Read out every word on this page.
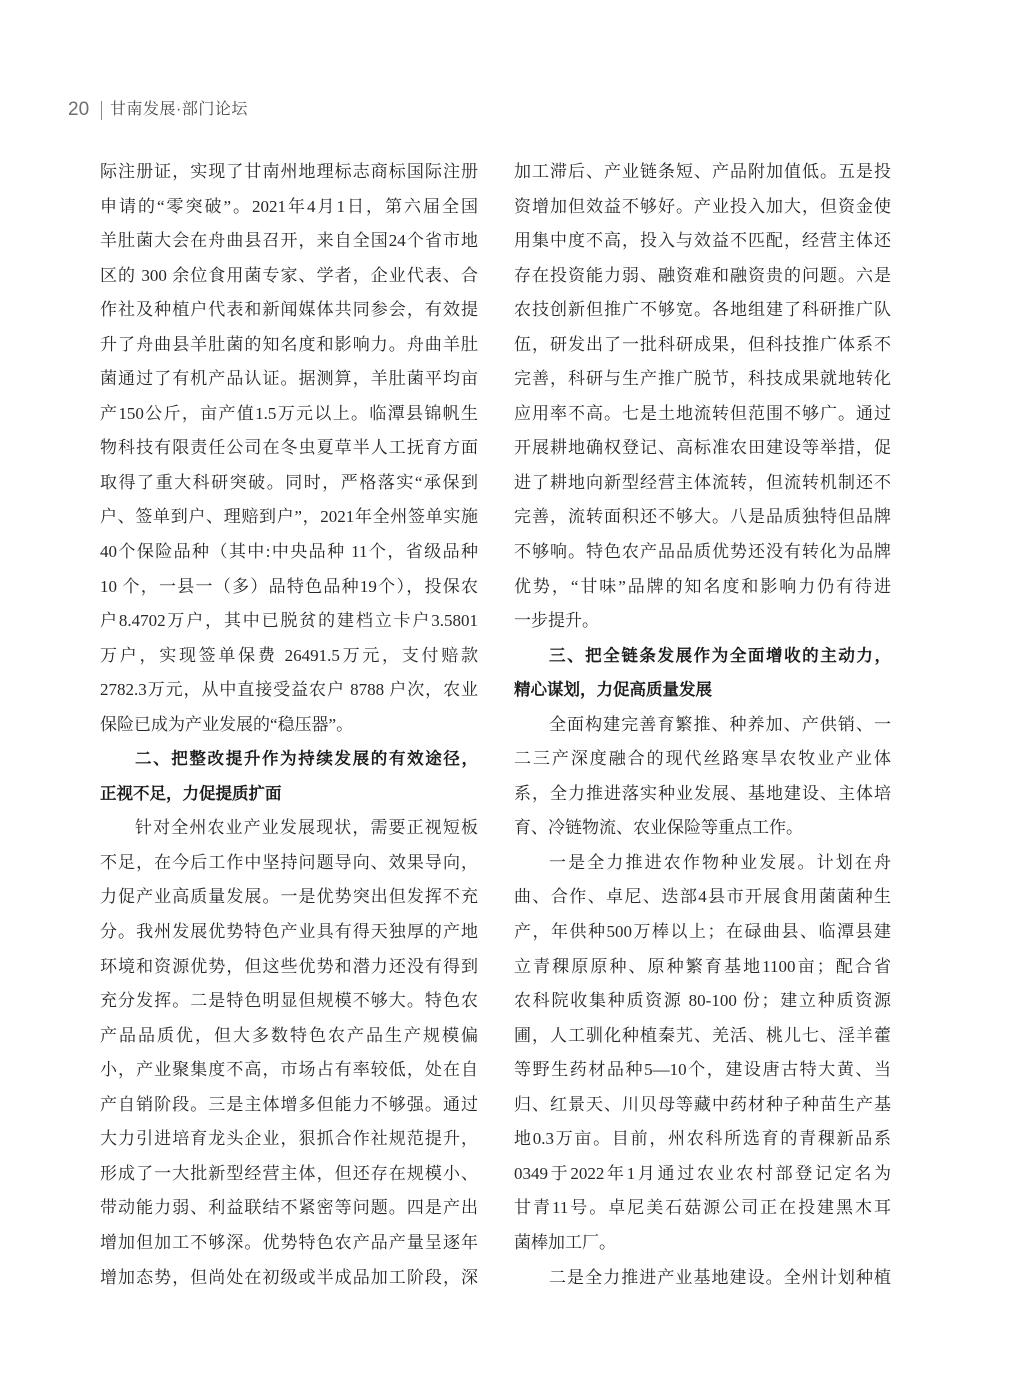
20 甘南发展·部门论坛
际注册证，实现了甘南州地理标志商标国际注册
申请的“零突破”。2021年4月1日，第六届全国
羊肚菌大会在舟曲县召开，来自全国24个省市地
区的 300 余位食用菌专家、学者，企业代表、合
作社及种植户代表和新闻媒体共同参会，有效提
升了舟曲县羊肚菌的知名度和影响力。舟曲羊肚
菌通过了有机产品认证。据测算，羊肚菌平均亩
产150公斤，亩产值1.5万元以上。临潭县锦帆生
物科技有限责任公司在冬虫夏草半人工抚育方面
取得了重大科研突破。同时，严格落实“承保到
户、签单到户、理赔到户”，2021年全州签单实施
40个保险品种（其中:中央品种 11个，省级品种
10 个，一县一（多）品特色品种19个），投保农
户8.4702万户，其中已脱贫的建档立卡户3.5801
万户，实现签单保费 26491.5万元，支付赔款
2782.3万元，从中直接受益农户 8788 户次，农业
保险已成为产业发展的“稳压器”。
二、把整改提升作为持续发展的有效途径，
正视不足，力促提质扩面
针对全州农业产业发展现状，需要正视短板
不足，在今后工作中坚持问题导向、效果导向，
力促产业高质量发展。一是优势突出但发挥不充
分。我州发展优势特色产业具有得天独厚的产地
环境和资源优势，但这些优势和潜力还没有得到
充分发挥。二是特色明显但规模不够大。特色农
产品品质优，但大多数特色农产品生产规模偏
小，产业聚集度不高，市场占有率较低，处在自
产自销阶段。三是主体增多但能力不够强。通过
大力引进培育龙头企业，狠抓合作社规范提升，
形成了一大批新型经营主体，但还存在规模小、
带动能力弱、利益联结不紧密等问题。四是产出
增加但加工不够深。优势特色农产品产量呈逐年
增加态势，但尚处在初级或半成品加工阶段，深
加工滞后、产业链条短、产品附加值低。五是投
资增加但效益不够好。产业投入加大，但资金使
用集中度不高，投入与效益不匹配，经营主体还
存在投资能力弱、融资难和融资贵的问题。六是
农技创新但推广不够宽。各地组建了科研推广队
伍，研发出了一批科研成果，但科技推广体系不
完善，科研与生产推广脱节，科技成果就地转化
应用率不高。七是土地流转但范围不够广。通过
开展耕地确权登记、高标准农田建设等举措，促
进了耕地向新型经营主体流转，但流转机制还不
完善，流转面积还不够大。八是品质独特但品牌
不够响。特色农产品品质优势还没有转化为品牌
优势，“甘味”品牌的知名度和影响力仍有待进
一步提升。
三、把全链条发展作为全面增收的主动力，
精心谋划，力促高质量发展
全面构建完善育繁推、种养加、产供销、一
二三产深度融合的现代丝路寒旱农牧业产业体
系，全力推进落实种业发展、基地建设、主体培
育、冷链物流、农业保险等重点工作。
一是全力推进农作物种业发展。计划在舟
曲、合作、卓尼、迭部4县市开展食用菌菌种生
产，年供种500万棒以上；在碌曲县、临潭县建
立青稞原原种、原种繁育基地1100亩；配合省
农科院收集种质资源 80-100 份；建立种质资源
圃，人工驯化种植秦艽、羌活、桃儿七、淫羊藿
等野生药材品种5—10个，建设唐古特大黄、当
归、红景天、川贝母等藏中药材种子种苗生产基
地0.3万亩。目前，州农科所选育的青稞新品系
0349于2022年1月通过农业农村部登记定名为
甘青11号。卓尼美石菇源公司正在投建黑木耳
菌棒加工厂。
二是全力推进产业基地建设。全州计划种植
